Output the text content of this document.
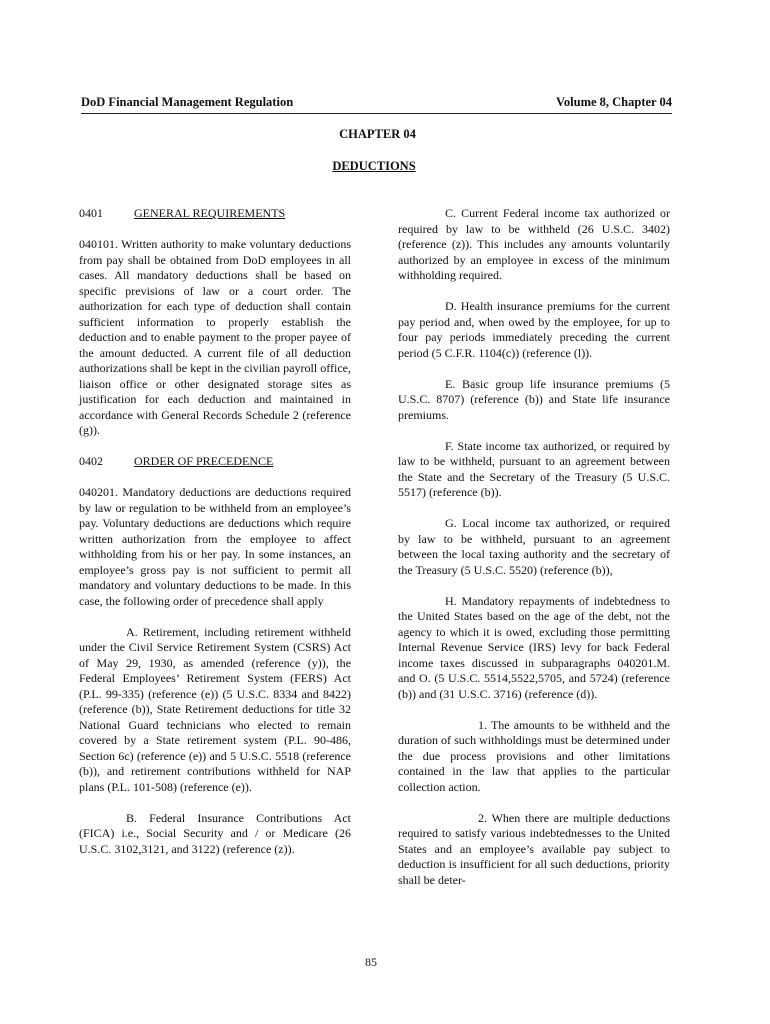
DoD Financial Management Regulation	Volume 8, Chapter 04
CHAPTER 04
DEDUCTIONS
0401	GENERAL REQUIREMENTS

040101. Written authority to make voluntary deductions from pay shall be obtained from DoD employees in all cases. All mandatory deductions shall be based on specific previsions of law or a court order. The authorization for each type of deduction shall contain sufficient information to properly establish the deduction and to enable payment to the proper payee of the amount deducted. A current file of all deduction authorizations shall be kept in the civilian payroll office, liaison office or other designated storage sites as justification for each deduction and maintained in accordance with General Records Schedule 2 (reference (g)).

0402	ORDER OF PRECEDENCE

040201. Mandatory deductions are deductions required by law or regulation to be withheld from an employee’s pay. Voluntary deductions are deductions which require written authorization from the employee to affect withholding from his or her pay. In some instances, an employee’s gross pay is not sufficient to permit all mandatory and voluntary deductions to be made. In this case, the following order of precedence shall apply

A. Retirement, including retirement withheld under the Civil Service Retirement System (CSRS) Act of May 29, 1930, as amended (reference (y)), the Federal Employees’ Retirement System (FERS) Act (P.L. 99-335) (reference (e)) (5 U.S.C. 8334 and 8422) (reference (b)), State Retirement deductions for title 32 National Guard technicians who elected to remain covered by a State retirement system (P.L. 90-486, Section 6c) (reference (e)) and 5 U.S.C. 5518 (reference (b)), and retirement contributions withheld for NAP plans (P.L. 101-508) (reference (e)).

B. Federal Insurance Contributions Act (FICA) i.e., Social Security and / or Medicare (26 U.S.C. 3102,3121, and 3122) (reference (z)).

C. Current Federal income tax authorized or required by law to be withheld (26 U.S.C. 3402) (reference (z)). This includes any amounts voluntarily authorized by an employee in excess of the minimum withholding required.

D. Health insurance premiums for the current pay period and, when owed by the employee, for up to four pay periods immediately preceding the current period (5 C.F.R. 1104(c)) (reference (l)).

E. Basic group life insurance premiums (5 U.S.C. 8707) (reference (b)) and State life insurance premiums.

F. State income tax authorized, or required by law to be withheld, pursuant to an agreement between the State and the Secretary of the Treasury (5 U.S.C. 5517) (reference (b)).

G. Local income tax authorized, or required by law to be withheld, pursuant to an agreement between the local taxing authority and the secretary of the Treasury (5 U.S.C. 5520) (reference (b)),

H. Mandatory repayments of indebtedness to the United States based on the age of the debt, not the agency to which it is owed, excluding those permitting Internal Revenue Service (IRS) levy for back Federal income taxes discussed in subparagraphs 040201.M. and O. (5 U.S.C. 5514,5522,5705, and 5724) (reference (b)) and (31 U.S.C. 3716) (reference (d)).

1. The amounts to be withheld and the duration of such withholdings must be determined under the due process provisions and other limitations contained in the law that applies to the particular collection action.

2. When there are multiple deductions required to satisfy various indebtednesses to the United States and an employee’s available pay subject to deduction is insufficient for all such deductions, priority shall be deter-

85
